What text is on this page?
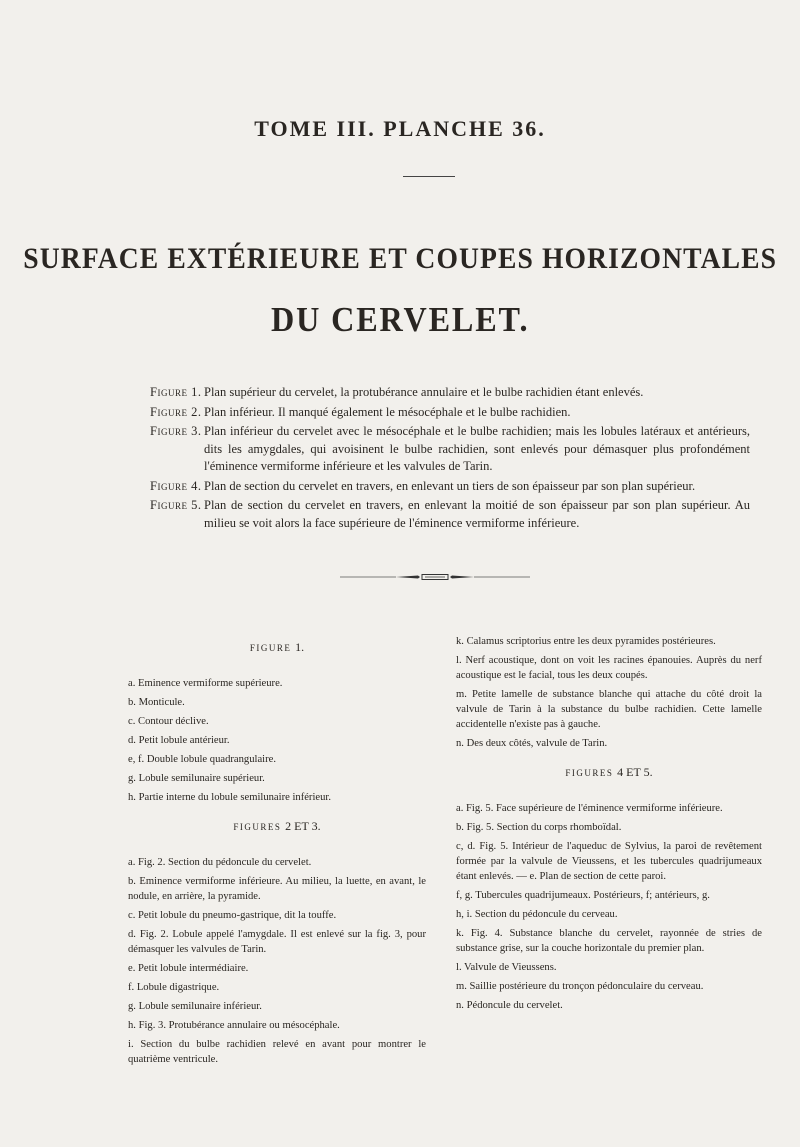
TOME III. PLANCHE 36.
SURFACE EXTÉRIEURE ET COUPES HORIZONTALES
DU CERVELET.
Figure 1. Plan supérieur du cervelet, la protubérance annulaire et le bulbe rachidien étant enlevés.
Figure 2. Plan inférieur. Il manqué également le mésocéphale et le bulbe rachidien.
Figure 3. Plan inférieur du cervelet avec le mésocéphale et le bulbe rachidien; mais les lobules latéraux et antérieurs, dits les amygdales, qui avoisinent le bulbe rachidien, sont enlevés pour démasquer plus profondément l'éminence vermiforme inférieure et les valvules de Tarin.
Figure 4. Plan de section du cervelet en travers, en enlevant un tiers de son épaisseur par son plan supérieur.
Figure 5. Plan de section du cervelet en travers, en enlevant la moitié de son épaisseur par son plan supérieur. Au milieu se voit alors la face supérieure de l'éminence vermiforme inférieure.
FIGURE 1.
a. Eminence vermiforme supérieure.
b. Monticule.
c. Contour déclive.
d. Petit lobule antérieur.
e, f. Double lobule quadrangulaire.
g. Lobule semilunaire supérieur.
h. Partie interne du lobule semilunaire inférieur.
FIGURES 2 ET 3.
a. Fig. 2. Section du pédoncule du cervelet.
b. Eminence vermiforme inférieure. Au milieu, la luette, en avant, le nodule, en arrière, la pyramide.
c. Petit lobule du pneumo-gastrique, dit la touffe.
d. Fig. 2. Lobule appelé l'amygdale. Il est enlevé sur la fig. 3, pour démasquer les valvules de Tarin.
e. Petit lobule intermédiaire.
f. Lobule digastrique.
g. Lobule semilunaire inférieur.
h. Fig. 3. Protubérance annulaire ou mésocéphale.
i. Section du bulbe rachidien relevé en avant pour montrer le quatrième ventricule.
k. Calamus scriptorius entre les deux pyramides postérieures.
l. Nerf acoustique, dont on voit les racines épanouies. Auprès du nerf acoustique est le facial, tous les deux coupés.
m. Petite lamelle de substance blanche qui attache du côté droit la valvule de Tarin à la substance du bulbe rachidien. Cette lamelle accidentelle n'existe pas à gauche.
n. Des deux côtés, valvule de Tarin.
FIGURES 4 ET 5.
a. Fig. 5. Face supérieure de l'éminence vermiforme inférieure.
b. Fig. 5. Section du corps rhomboïdal.
c, d. Fig. 5. Intérieur de l'aqueduc de Sylvius, la paroi de revêtement formée par la valvule de Vieussens, et les tubercules quadrijumeaux étant enlevés. — e. Plan de section de cette paroi.
f, g. Tubercules quadrijumeaux. Postérieurs, f; antérieurs, g.
h, i. Section du pédoncule du cerveau.
k. Fig. 4. Substance blanche du cervelet, rayonnée de stries de substance grise, sur la couche horizontale du premier plan.
l. Valvule de Vieussens.
m. Saillie postérieure du tronçon pédonculaire du cerveau.
n. Pédoncule du cervelet.
